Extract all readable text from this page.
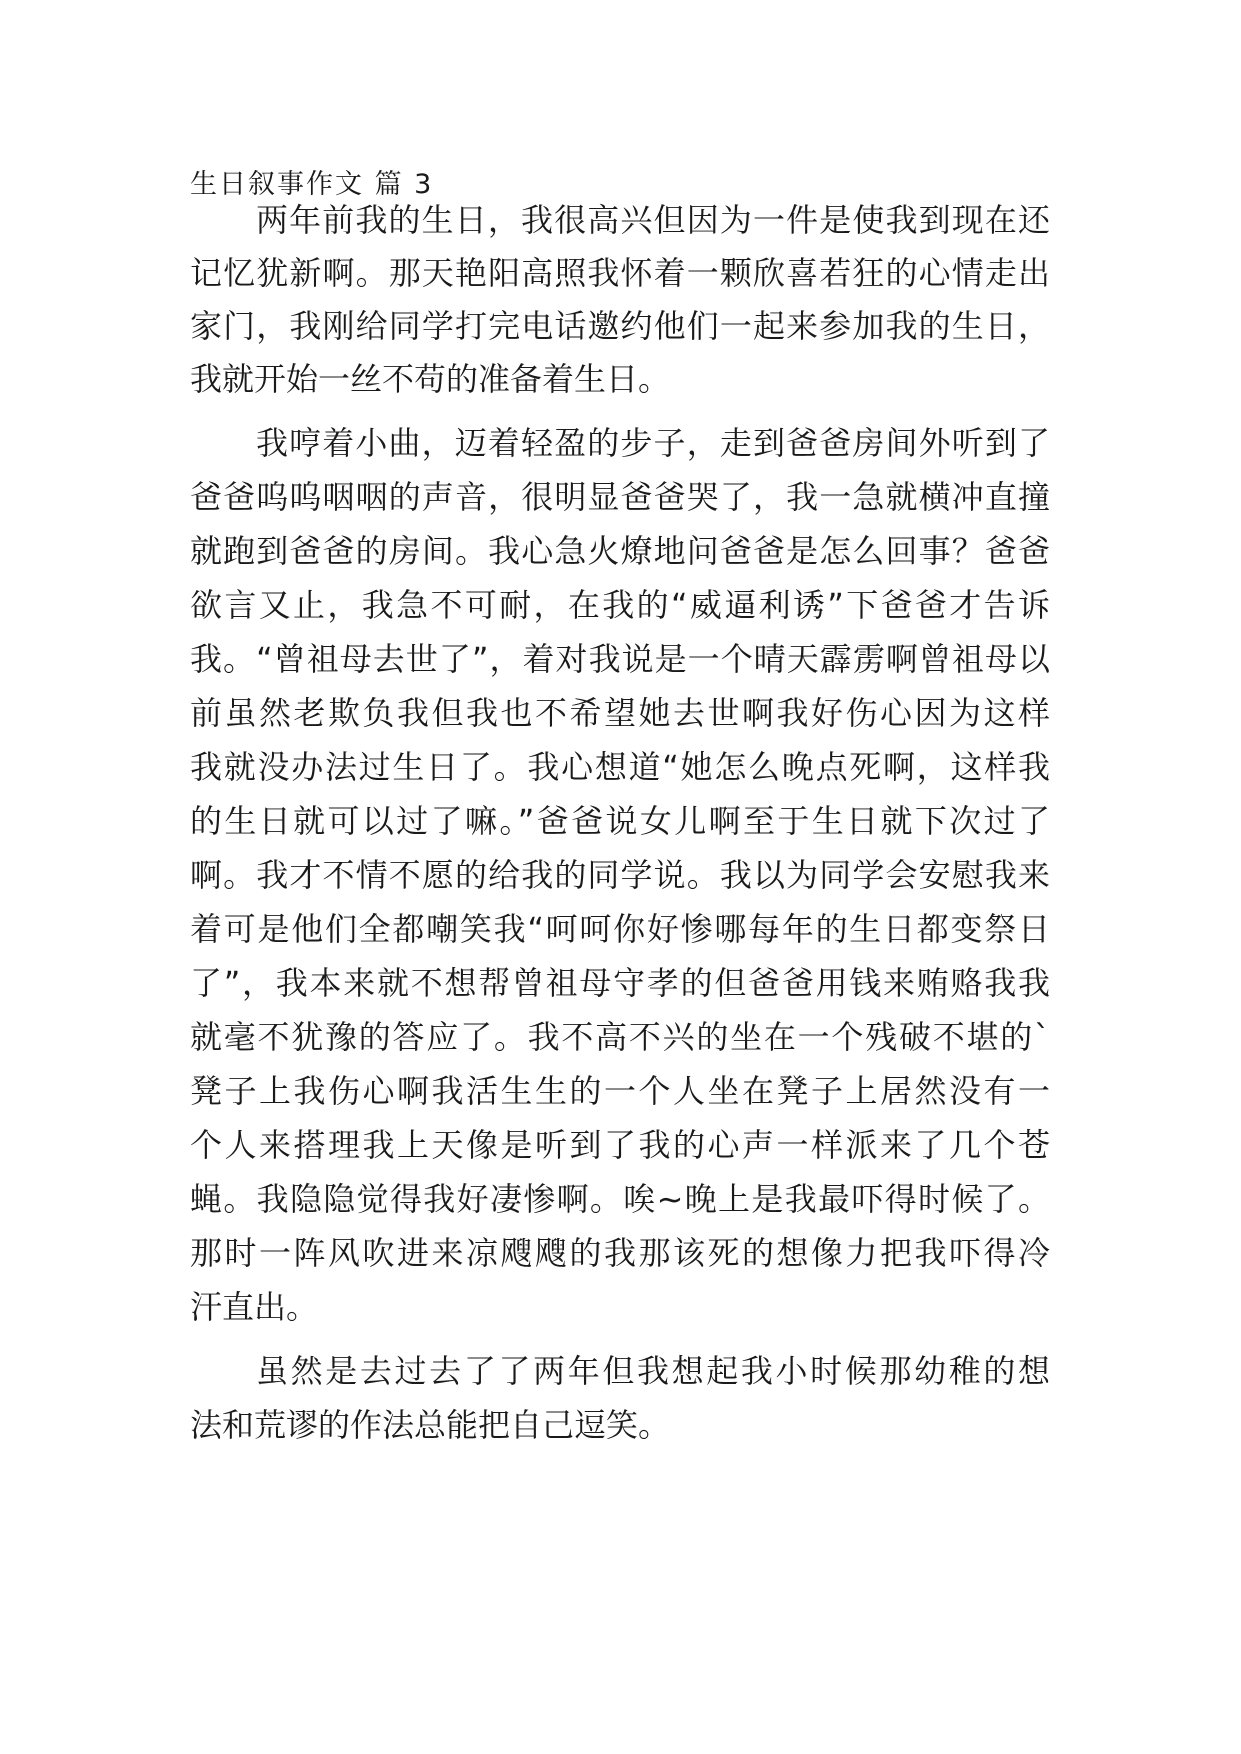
生日叙事作文 篇 3
两年前我的生日，我很高兴但因为一件是使我到现在还
记忆犹新啊。那天艳阳高照我怀着一颗欣喜若狂的心情走出
家门，我刚给同学打完电话邀约他们一起来参加我的生日，
我就开始一丝不苟的准备着生日。
我哼着小曲，迈着轻盈的步子，走到爸爸房间外听到了
爸爸呜呜咽咽的声音，很明显爸爸哭了，我一急就横冲直撞
就跑到爸爸的房间。我心急火燎地问爸爸是怎么回事？爸爸
欲言又止，我急不可耐，在我的“威逼利诱”下爸爸才告诉
我。“曾祖母去世了”，着对我说是一个晴天霹雳啊曾祖母以
前虽然老欺负我但我也不希望她去世啊我好伤心因为这样
我就没办法过生日了。我心想道“她怎么晚点死啊，这样我
的生日就可以过了嘛。”爸爸说女儿啊至于生日就下次过了
啊。我才不情不愿的给我的同学说。我以为同学会安慰我来
着可是他们全都嘲笑我“呵呵你好惨哪每年的生日都变祭日
了”，我本来就不想帮曾祖母守孝的但爸爸用钱来贿赂我我
就毫不犹豫的答应了。我不高不兴的坐在一个残破不堪的`
凳子上我伤心啊我活生生的一个人坐在凳子上居然没有一
个人来搭理我上天像是听到了我的心声一样派来了几个苍
蝇。我隐隐觉得我好凄惨啊。唉~晚上是我最吓得时候了。
那时一阵风吹进来凉飕飕的我那该死的想像力把我吓得冷
汗直出。
虽然是去过去了了两年但我想起我小时候那幼稚的想
法和荒谬的作法总能把自己逗笑。
